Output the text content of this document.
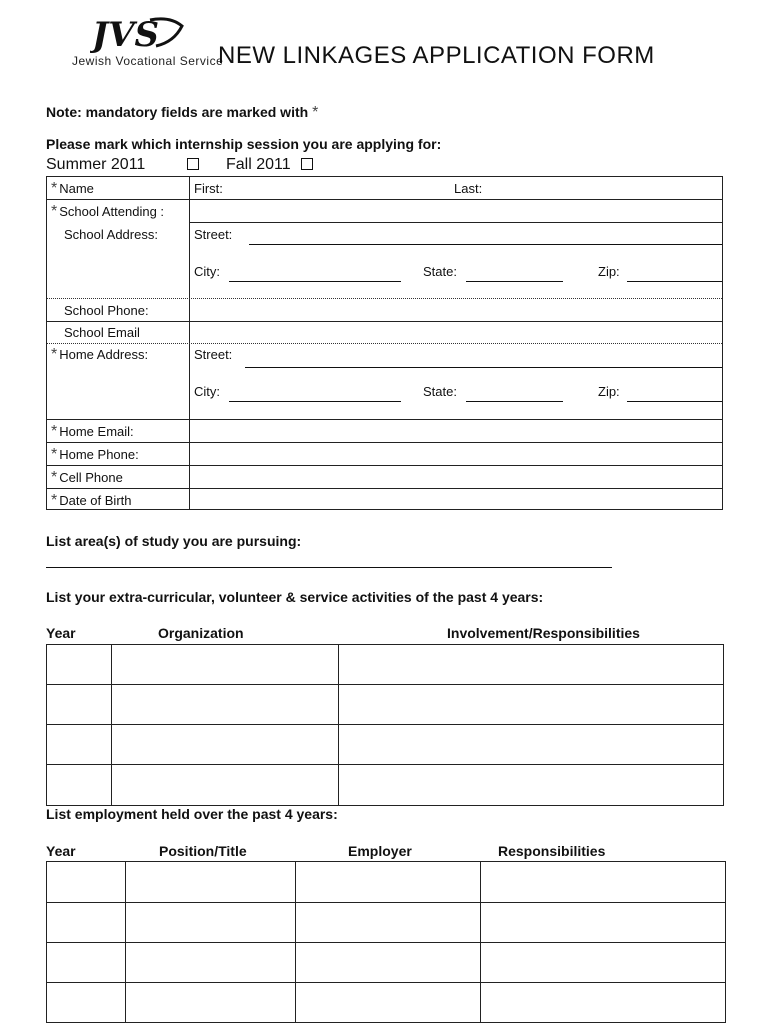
JVS
Jewish Vocational Service
NEW LINKAGES APPLICATION FORM
Note: mandatory fields are marked with *
Please mark which internship session you are applying for:
Summer 2011	Fall 2011
* Name	First:	Last:
* School Attending :
School Address:	Street:
City:	State:	Zip:
School Phone:
School Email
* Home Address:	Street:
City:	State:	Zip:
* Home Email:
* Home Phone:
* Cell Phone
* Date of Birth
List area(s) of study you are pursuing:
List your extra-curricular, volunteer & service activities of the past 4 years:
Year	Organization	Involvement/Responsibilities
List employment held over the past 4 years:
Year	Position/Title	Employer	Responsibilities
